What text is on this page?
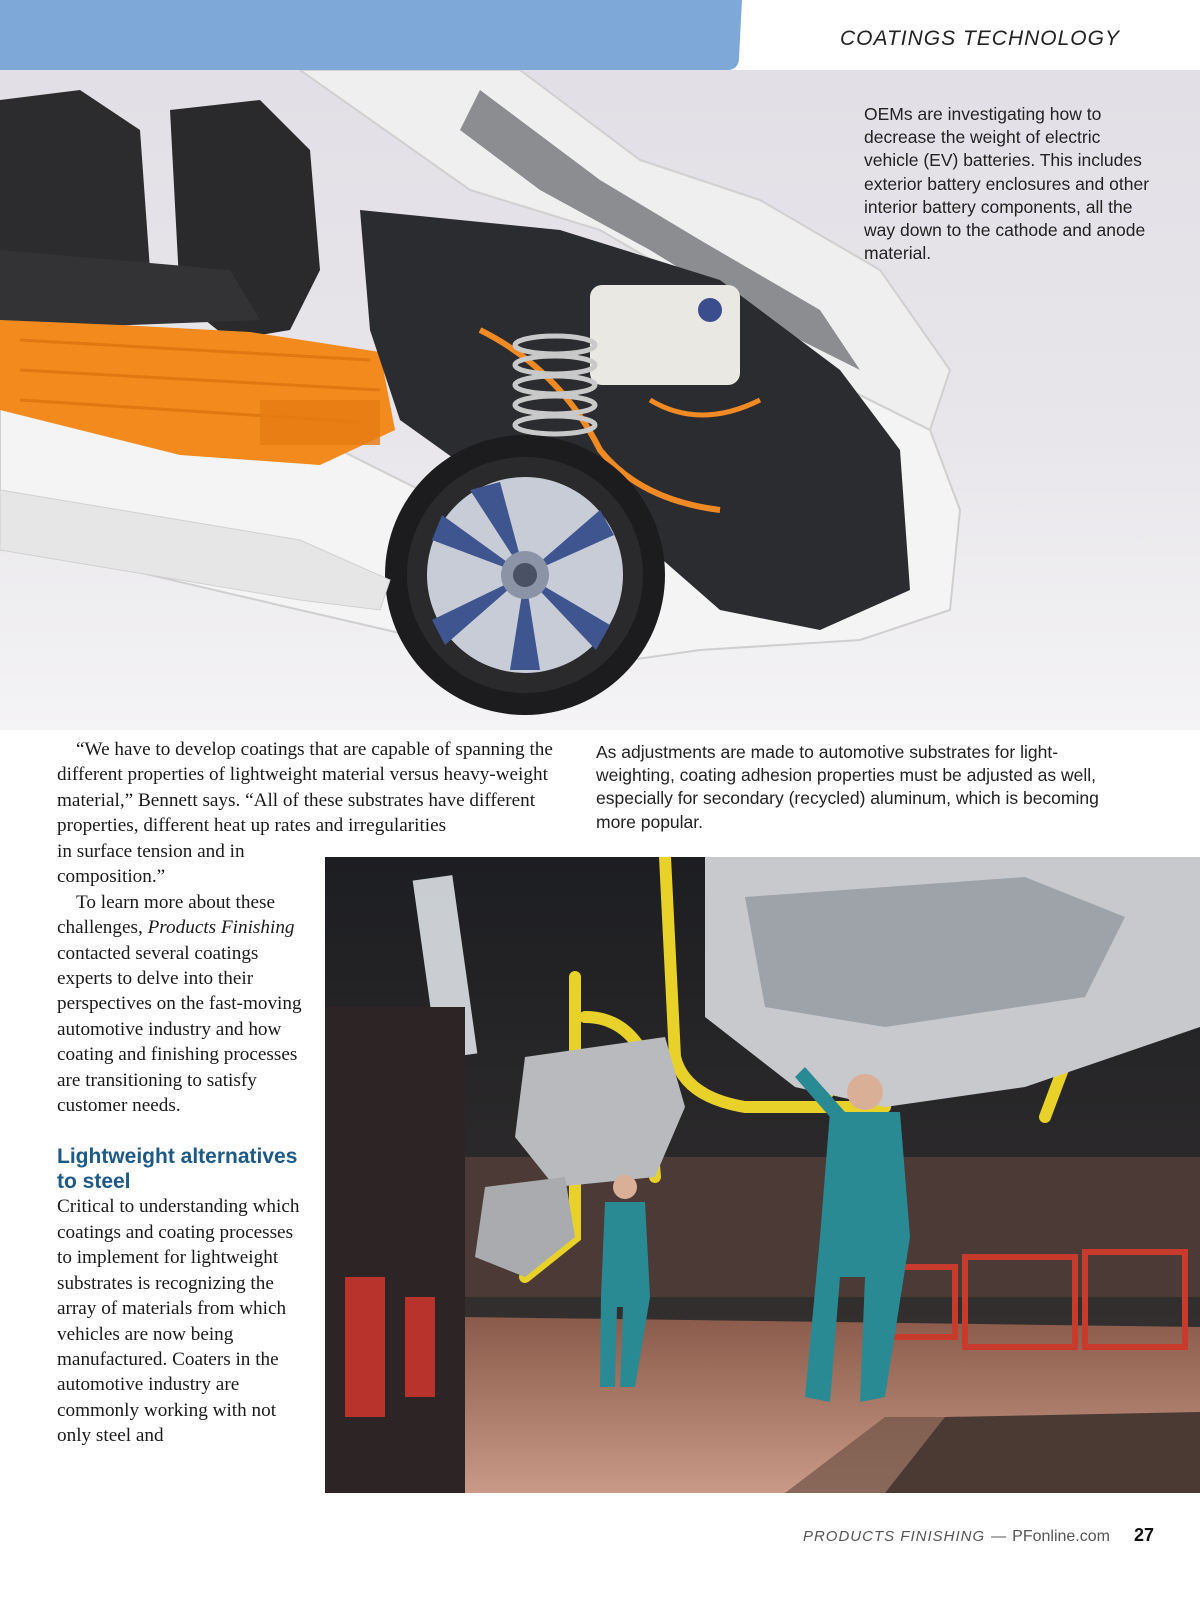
COATINGS TECHNOLOGY
OEMs are investigating how to decrease the weight of electric vehicle (EV) batteries. This includes exterior battery enclosures and other interior battery components, all the way down to the cathode and anode material.

“We have to develop coatings that are capable of spanning the different properties of lightweight material versus heavy-weight material,” Bennett says. “All of these substrates have different properties, different heat up rates and irregularities

in surface tension and in composition.”

To learn more about these challenges, Products Finishing contacted several coatings experts to delve into their perspectives on the fast-moving automotive industry and how coating and finishing processes are transitioning to satisfy customer needs.

Lightweight alternatives to steel

Critical to understanding which coatings and coating processes to implement for lightweight substrates is recognizing the array of materials from which vehicles are now being manufactured. Coaters in the automotive industry are commonly working with not only steel and

As adjustments are made to automotive substrates for light-weighting, coating adhesion properties must be adjusted as well, especially for secondary (recycled) aluminum, which is becoming more popular.
PRODUCTS FINISHING — PFonline.com 27
